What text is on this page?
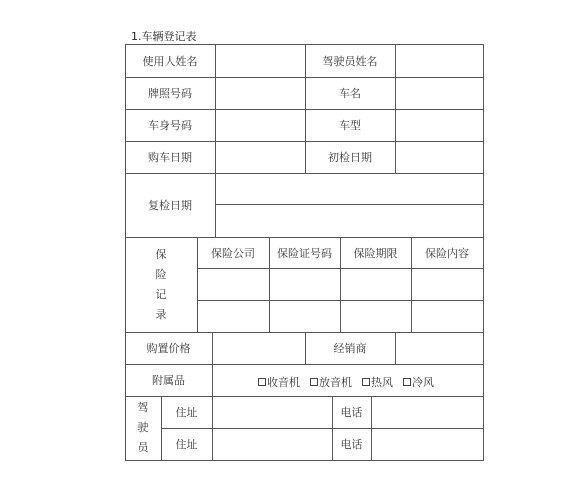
1.车辆登记表
使用人姓名	驾驶员姓名
牌照号码	车名
车身号码	车型
购车日期	初检日期
复检日期
保
险
记
录
保险公司	保险证号码	保险期限	保险内容
购置价格	经销商
附属品	收音机 放音机 热风 冷风
驾
驶
员
住址	电话
住址	电话
